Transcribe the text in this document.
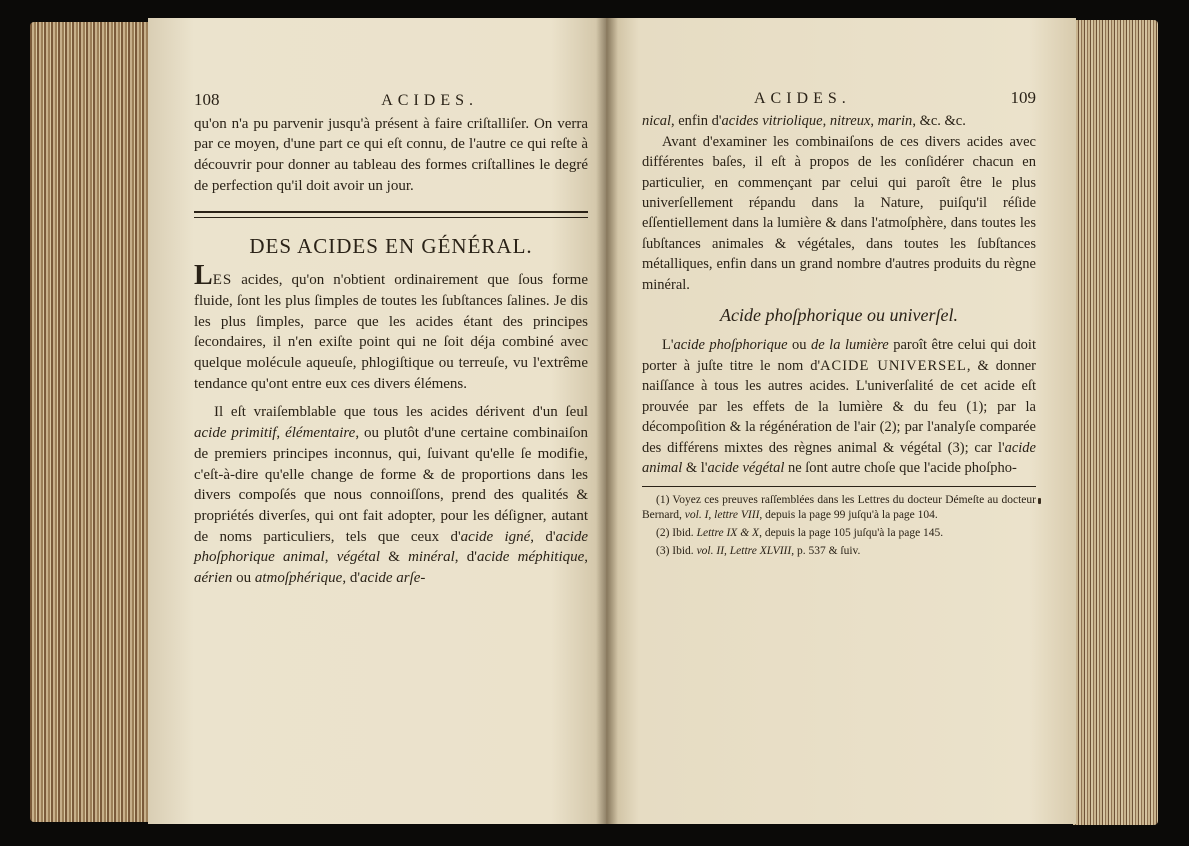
108	ACIDES.

qu'on n'a pu parvenir jusqu'à présent à faire criſtalliſer. On verra par ce moyen, d'une part ce qui eſt connu, de l'autre ce qui reſte à découvrir pour donner au tableau des formes criſtallines le degré de perfection qu'il doit avoir un jour.

DES ACIDES EN GÉNÉRAL.

LES acides, qu'on n'obtient ordinairement que ſous forme fluide, ſont les plus ſimples de toutes les ſubſtances ſalines. Je dis les plus ſimples, parce que les acides étant des principes ſecondaires, il n'en exiſte point qui ne ſoit déja combiné avec quelque molécule aqueuſe, phlogiſtique ou terreuſe, vu l'extrême tendance qu'ont entre eux ces divers élémens.

Il eſt vraiſemblable que tous les acides dérivent d'un ſeul acide primitif, élémentaire, ou plutôt d'une certaine combinaiſon de premiers principes inconnus, qui, ſuivant qu'elle ſe modifie, c'eſt-à-dire qu'elle change de forme & de proportions dans les divers compoſés que nous connoiſſons, prend des qualités & propriétés diverſes, qui ont fait adopter, pour les déſigner, autant de noms particuliers, tels que ceux d'acide igné, d'acide phoſphorique animal, végétal & minéral, d'acide méphitique, aérien ou atmoſphérique, d'acide arſe-

ACIDES.	109

nical, enfin d'acides vitriolique, nitreux, marin, &c. &c.

Avant d'examiner les combinaiſons de ces divers acides avec différentes baſes, il eſt à propos de les conſidérer chacun en particulier, en commençant par celui qui paroît être le plus univerſellement répandu dans la Nature, puiſqu'il réſide eſſentiellement dans la lumière & dans l'atmoſphère, dans toutes les ſubſtances animales & végétales, dans toutes les ſubſtances métalliques, enfin dans un grand nombre d'autres produits du règne minéral.

Acide phoſphorique ou univerſel.

L'acide phoſphorique ou de la lumière paroît être celui qui doit porter à juſte titre le nom d'ACIDE UNIVERSEL, & donner naiſſance à tous les autres acides. L'univerſalité de cet acide eſt prouvée par les effets de la lumière & du feu (1); par la décompoſition & la régénération de l'air (2); par l'analyſe comparée des différens mixtes des règnes animal & végétal (3); car l'acide animal & l'acide végétal ne ſont autre choſe que l'acide phoſpho-

(1) Voyez ces preuves raſſemblées dans les Lettres du docteur Démeſte au docteur Bernard, vol. I, lettre VIII, depuis la page 99 juſqu'à la page 104.

(2) Ibid. Lettre IX & X, depuis la page 105 juſqu'à la page 145.

(3) Ibid. vol. II, Lettre XLVIII, p. 537 & ſuiv.
